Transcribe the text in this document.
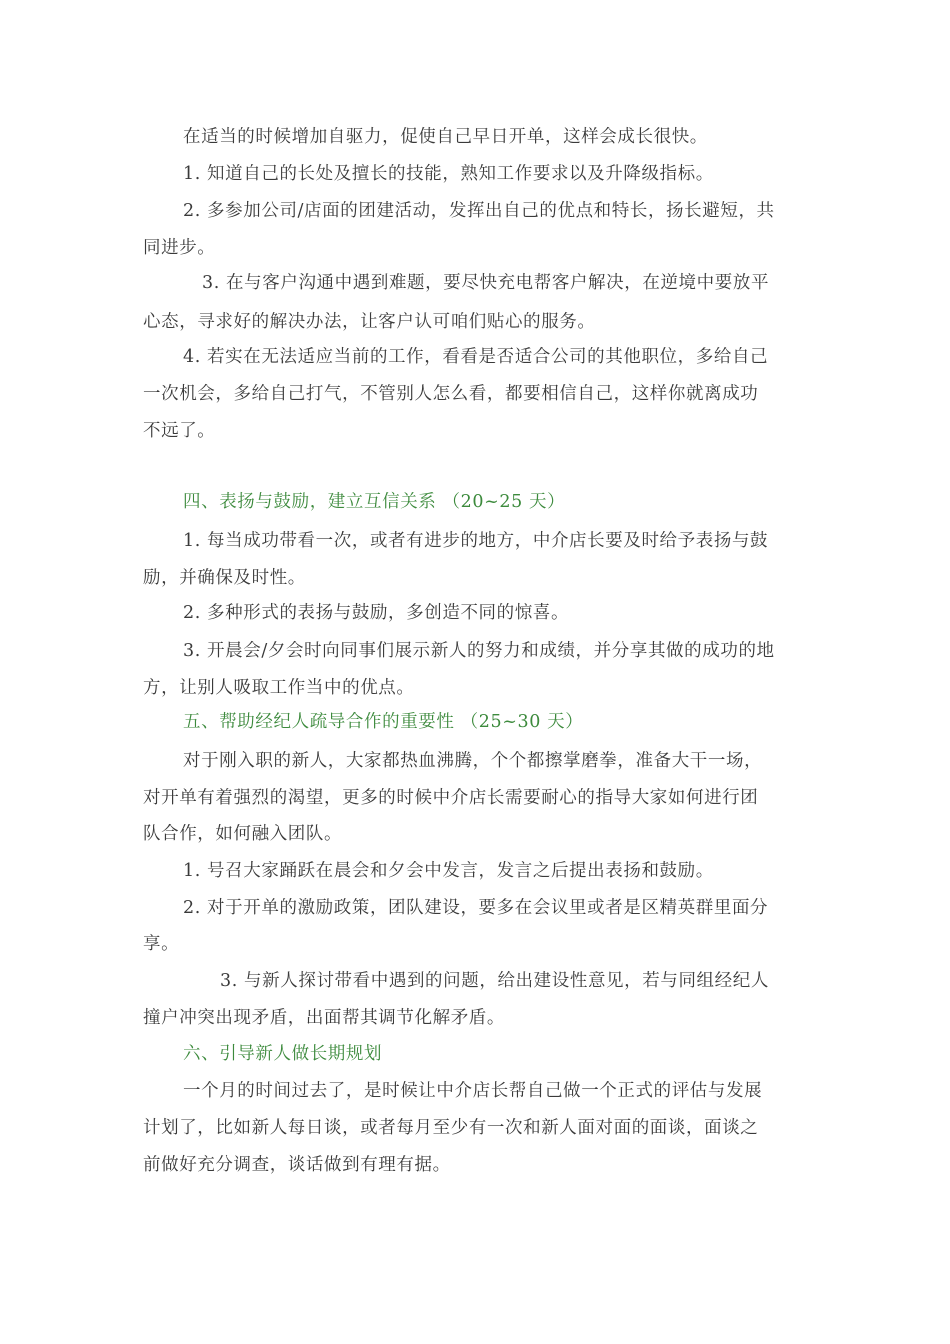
在适当的时候增加自驱力，促使自己早日开单，这样会成长很快。
1. 知道自己的长处及擅长的技能，熟知工作要求以及升降级指标。
2. 多参加公司/店面的团建活动，发挥出自己的优点和特长，扬长避短，共
同进步。
3. 在与客户沟通中遇到难题，要尽快充电帮客户解决，在逆境中要放平
心态，寻求好的解决办法，让客户认可咱们贴心的服务。
4. 若实在无法适应当前的工作，看看是否适合公司的其他职位，多给自己
一次机会，多给自己打气，不管别人怎么看，都要相信自己，这样你就离成功
不远了。
四、表扬与鼓励，建立互信关系 （20~25 天）
1. 每当成功带看一次，或者有进步的地方，中介店长要及时给予表扬与鼓
励，并确保及时性。
2. 多种形式的表扬与鼓励，多创造不同的惊喜。
3. 开晨会/夕会时向同事们展示新人的努力和成绩，并分享其做的成功的地
方，让别人吸取工作当中的优点。
五、帮助经纪人疏导合作的重要性 （25~30 天）
对于刚入职的新人，大家都热血沸腾，个个都擦掌磨拳，准备大干一场，
对开单有着强烈的渴望，更多的时候中介店长需要耐心的指导大家如何进行团
队合作，如何融入团队。
1. 号召大家踊跃在晨会和夕会中发言，发言之后提出表扬和鼓励。
2. 对于开单的激励政策，团队建设，要多在会议里或者是区精英群里面分
享。
3. 与新人探讨带看中遇到的问题，给出建设性意见，若与同组经纪人
撞户冲突出现矛盾，出面帮其调节化解矛盾。
六、引导新人做长期规划
一个月的时间过去了，是时候让中介店长帮自己做一个正式的评估与发展
计划了，比如新人每日谈，或者每月至少有一次和新人面对面的面谈，面谈之
前做好充分调查，谈话做到有理有据。
